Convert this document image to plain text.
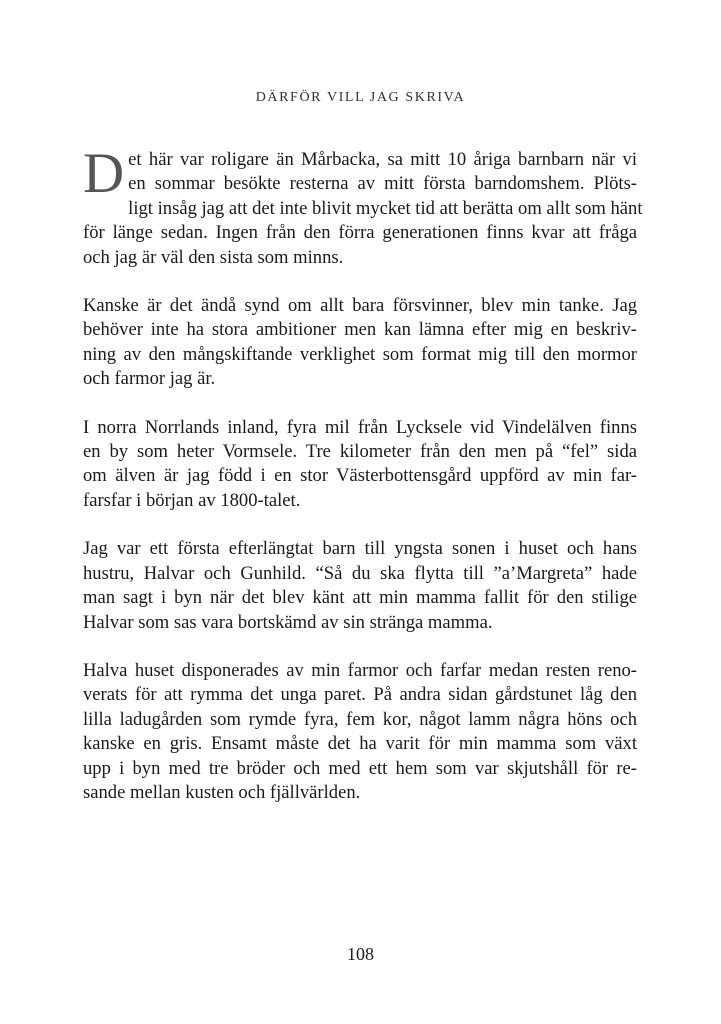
DÄRFÖR VILL JAG SKRIVA
D et här var roligare än Mårbacka, sa mitt 10 åriga barnbarn när vi
en sommar besökte resterna av mitt första barndomshem. Plöts-
ligt insåg jag att det inte blivit mycket tid att berätta om allt som hänt
för länge sedan. Ingen från den förra generationen finns kvar att fråga
och jag är väl den sista som minns.
Kanske är det ändå synd om allt bara försvinner, blev min tanke. Jag
behöver inte ha stora ambitioner men kan lämna efter mig en beskriv-
ning av den mångskiftande verklighet som format mig till den mormor
och farmor jag är.
I norra Norrlands inland, fyra mil från Lycksele vid Vindelälven finns
en by som heter Vormsele. Tre kilometer från den men på “fel” sida
om älven är jag född i en stor Västerbottensgård uppförd av min far-
farsfar i början av 1800-talet.
Jag var ett första efterlängtat barn till yngsta sonen i huset och hans
hustru, Halvar och Gunhild. “Så du ska flytta till ”a’Margreta” hade
man sagt i byn när det blev känt att min mamma fallit för den stilige
Halvar som sas vara bortskämd av sin stränga mamma.
Halva huset disponerades av min farmor och farfar medan resten reno-
verats för att rymma det unga paret. På andra sidan gårdstunet låg den
lilla ladugården som rymde fyra, fem kor, något lamm några höns och
kanske en gris. Ensamt måste det ha varit för min mamma som växt
upp i byn med tre bröder och med ett hem som var skjutshåll för re-
sande mellan kusten och fjällvärlden.
108
